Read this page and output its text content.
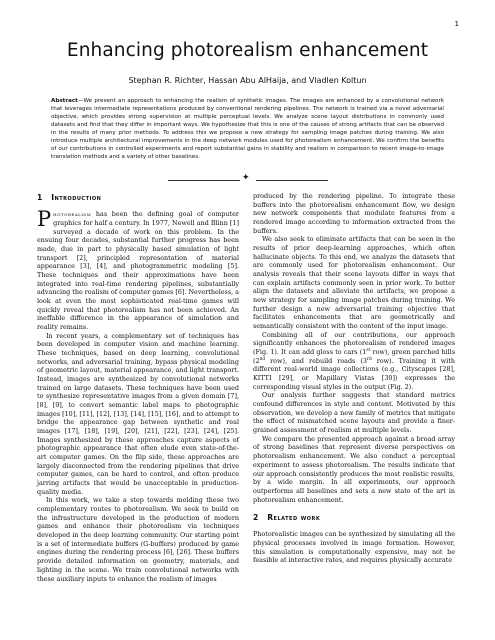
1
Enhancing photorealism enhancement
Stephan R. Richter, Hassan Abu AlHaija, and Vladlen Koltun
Abstract—We present an approach to enhancing the realism of synthetic images. The images are enhanced by a convolutional network that leverages intermediate representations produced by conventional rendering pipelines. The network is trained via a novel adversarial objective, which provides strong supervision at multiple perceptual levels. We analyze scene layout distributions in commonly used datasets and find that they differ in important ways. We hypothesize that this is one of the causes of strong artifacts that can be observed in the results of many prior methods. To address this we propose a new strategy for sampling image patches during training. We also introduce multiple architectural improvements in the deep network modules used for photorealism enhancement. We confirm the benefits of our contributions in controlled experiments and report substantial gains in stability and realism in comparison to recent image-to-image translation methods and a variety of other baselines.
✦
1 Introduction

Photorealism has been the defining goal of computer graphics for half a century. In 1977, Newell and Blinn [1] surveyed a decade of work on this problem. In the ensuing four decades, substantial further progress has been made, due in part to physically based simulation of light transport [2], principled representation of material appearance [3], [4], and photogrammetric modeling [5]. These techniques and their approximations have been integrated into real-time rendering pipelines, substantially advancing the realism of computer games [6]. Nevertheless, a look at even the most sophisticated real-time games will quickly reveal that photorealism has not been achieved. An ineffable difference in the appearance of simulation and reality remains.

In recent years, a complementary set of techniques has been developed in computer vision and machine learning. These techniques, based on deep learning, convolutional networks, and adversarial training, bypass physical modeling of geometric layout, material appearance, and light transport. Instead, images are synthesized by convolutional networks trained on large datasets. These techniques have been used to synthesize representative images from a given domain [7], [8], [9], to convert semantic label maps to photographic images [10], [11], [12], [13], [14], [15], [16], and to attempt to bridge the appearance gap between synthetic and real images [17], [18], [19], [20], [21], [22], [23], [24], [25]. Images synthesized by these approaches capture aspects of photographic appearance that often elude even state-of-the-art computer games. On the flip side, these approaches are largely disconnected from the rendering pipelines that drive computer games, can be hard to control, and often produce jarring artifacts that would be unacceptable in production-quality media.

In this work, we take a step towards melding these two complementary routes to photorealism. We seek to build on the infrastructure developed in the production of modern games and enhance their photorealism via techniques developed in the deep learning community. Our starting point is a set of intermediate buffers (G-buffers) produced by game engines during the rendering process [6], [26]. These buffers provide detailed information on geometry, materials, and lighting in the scene. We train convolutional networks with these auxiliary inputs to enhance the realism of images

produced by the rendering pipeline. To integrate these buffers into the photorealism enhancement flow, we design new network components that modulate features from a rendered image according to information extracted from the buffers.

We also seek to eliminate artifacts that can be seen in the results of prior deep-learning approaches, which often hallucinate objects. To this end, we analyze the datasets that are commonly used for photorealism enhancement. Our analysis reveals that their scene layouts differ in ways that can explain artifacts commonly seen in prior work. To better align the datasets and alleviate the artifacts, we propose a new strategy for sampling image patches during training. We further design a new adversarial training objective that facilitates enhancements that are geometrically and semantically consistent with the content of the input image.

Combining all of our contributions, our approach significantly enhances the photorealism of rendered images (Fig. 1). It can add gloss to cars (1st row), green parched hills (2nd row), and rebuild roads (3rd row). Training it with different real-world image collections (e.g., Cityscapes [28], KITTI [29], or Mapillary Vistas [30]) expresses the corresponding visual styles in the output (Fig. 2).

Our analysis further suggests that standard metrics confound differences in style and content. Motivated by this observation, we develop a new family of metrics that mitigate the effect of mismatched scene layouts and provide a finer-grained assessment of realism at multiple levels.

We compare the presented approach against a broad array of strong baselines that represent diverse perspectives on photorealism enhancement. We also conduct a perceptual experiment to assess photorealism. The results indicate that our approach consistently produces the most realistic results, by a wide margin. In all experiments, our approach outperforms all baselines and sets a new state of the art in photorealism enhancement.

2 Related work

Photorealistic images can be synthesized by simulating all the physical processes involved in image formation. However, this simulation is computationally expensive, may not be feasible at interactive rates, and requires physically accurate
